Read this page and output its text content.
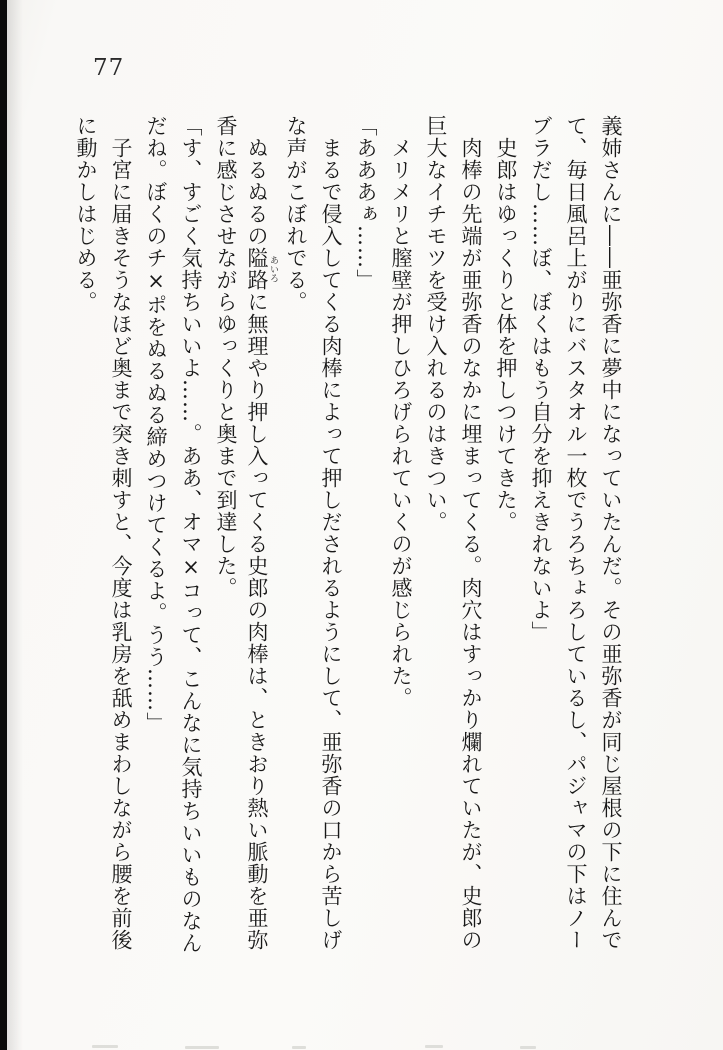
77
義姉さんに――亜弥香に夢中になっていたんだ。その亜弥香が同じ屋根の下に住んで
て、毎日風呂上がりにバスタオル一枚でうろちょろしているし、パジャマの下はノー
ブラだし……ぼ、ぼくはもう自分を抑えきれないよ」
史郎はゆっくりと体を押しつけてきた。
肉棒の先端が亜弥香のなかに埋まってくる。肉穴はすっかり爛れていたが、史郎の
巨大なイチモツを受け入れるのはきつい。
メリメリと膣壁が押しひろげられていくのが感じられた。
「あああぁ……」
まるで侵入してくる肉棒によって押しだされるようにして、亜弥香の口から苦しげ
な声がこぼれでる。
ぬるぬるの隘路 あいろに無理やり押し入ってくる史郎の肉棒は、ときおり熱い脈動を亜弥
香に感じさせながらゆっくりと奥まで到達した。
「す、すごく気持ちいいよ……。ああ、オマ×コって、こんなに気持ちいいものなん
だね。ぼくのチ×ポをぬるぬる締めつけてくるよ。うう……」
子宮に届きそうなほど奥まで突き刺すと、今度は乳房を舐めまわしながら腰を前後
に動かしはじめる。
